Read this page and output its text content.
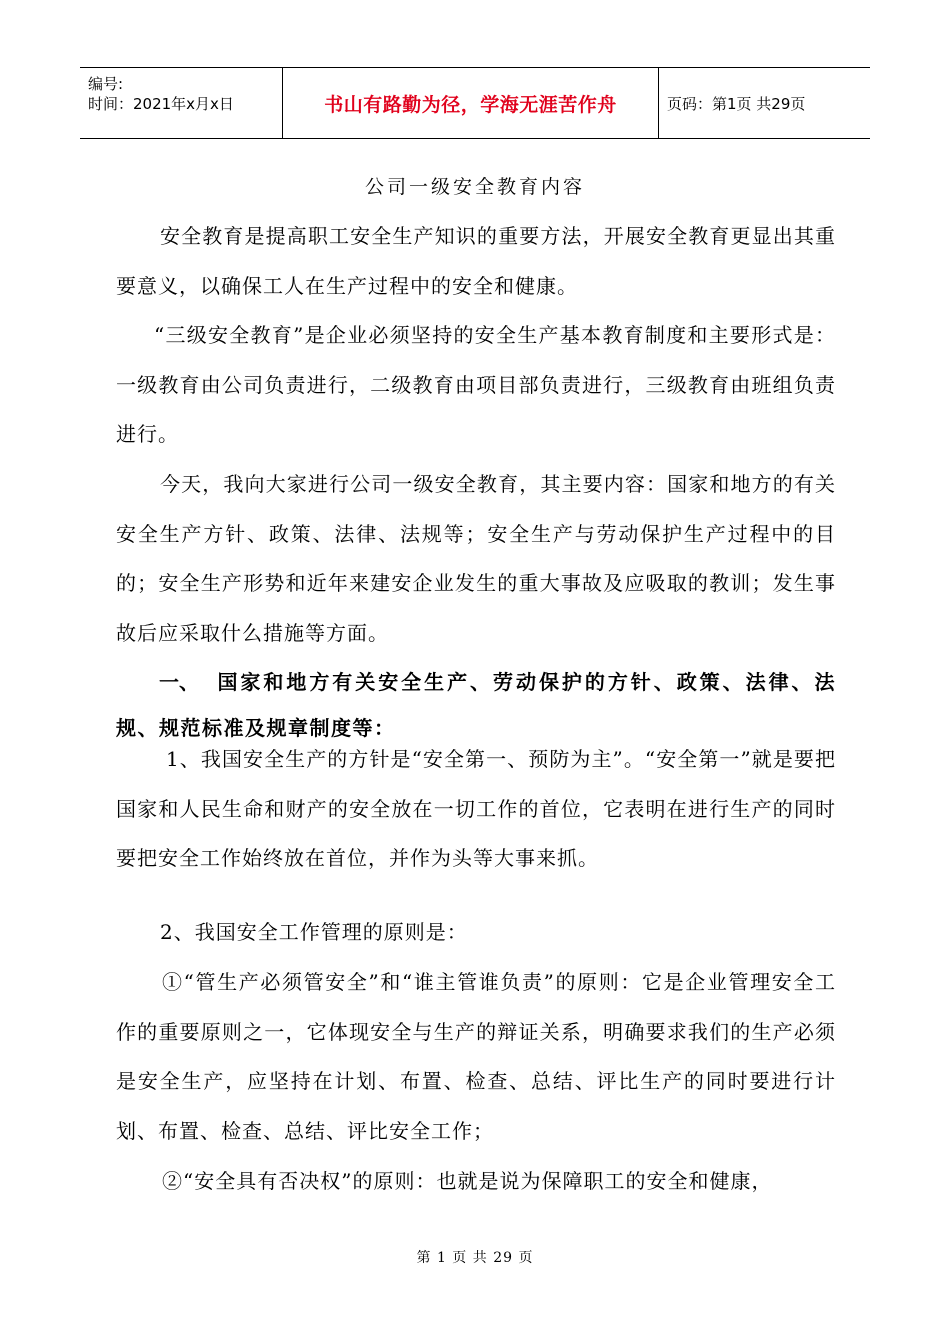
编号:
时间：2021年x月x日	书山有路勤为径，学海无涯苦作舟	页码：第1页 共29页
公司一级安全教育内容
安全教育是提高职工安全生产知识的重要方法，开展安全教育更显出其重要意义，以确保工人在生产过程中的安全和健康。
“三级安全教育”是企业必须坚持的安全生产基本教育制度和主要形式是：一级教育由公司负责进行，二级教育由项目部负责进行，三级教育由班组负责进行。
今天，我向大家进行公司一级安全教育，其主要内容：国家和地方的有关安全生产方针、政策、法律、法规等；安全生产与劳动保护生产过程中的目的；安全生产形势和近年来建安企业发生的重大事故及应吸取的教训；发生事故后应采取什么措施等方面。
一、 国家和地方有关安全生产、劳动保护的方针、政策、法律、法规、规范标准及规章制度等：
1、我国安全生产的方针是“安全第一、预防为主”。“安全第一”就是要把国家和人民生命和财产的安全放在一切工作的首位，它表明在进行生产的同时要把安全工作始终放在首位，并作为头等大事来抓。
2、我国安全工作管理的原则是：
①“管生产必须管安全”和“谁主管谁负责”的原则：它是企业管理安全工作的重要原则之一，它体现安全与生产的辩证关系，明确要求我们的生产必须是安全生产，应坚持在计划、布置、检查、总结、评比生产的同时要进行计划、布置、检查、总结、评比安全工作；
②“安全具有否决权”的原则：也就是说为保障职工的安全和健康，
第 1 页 共 29 页
